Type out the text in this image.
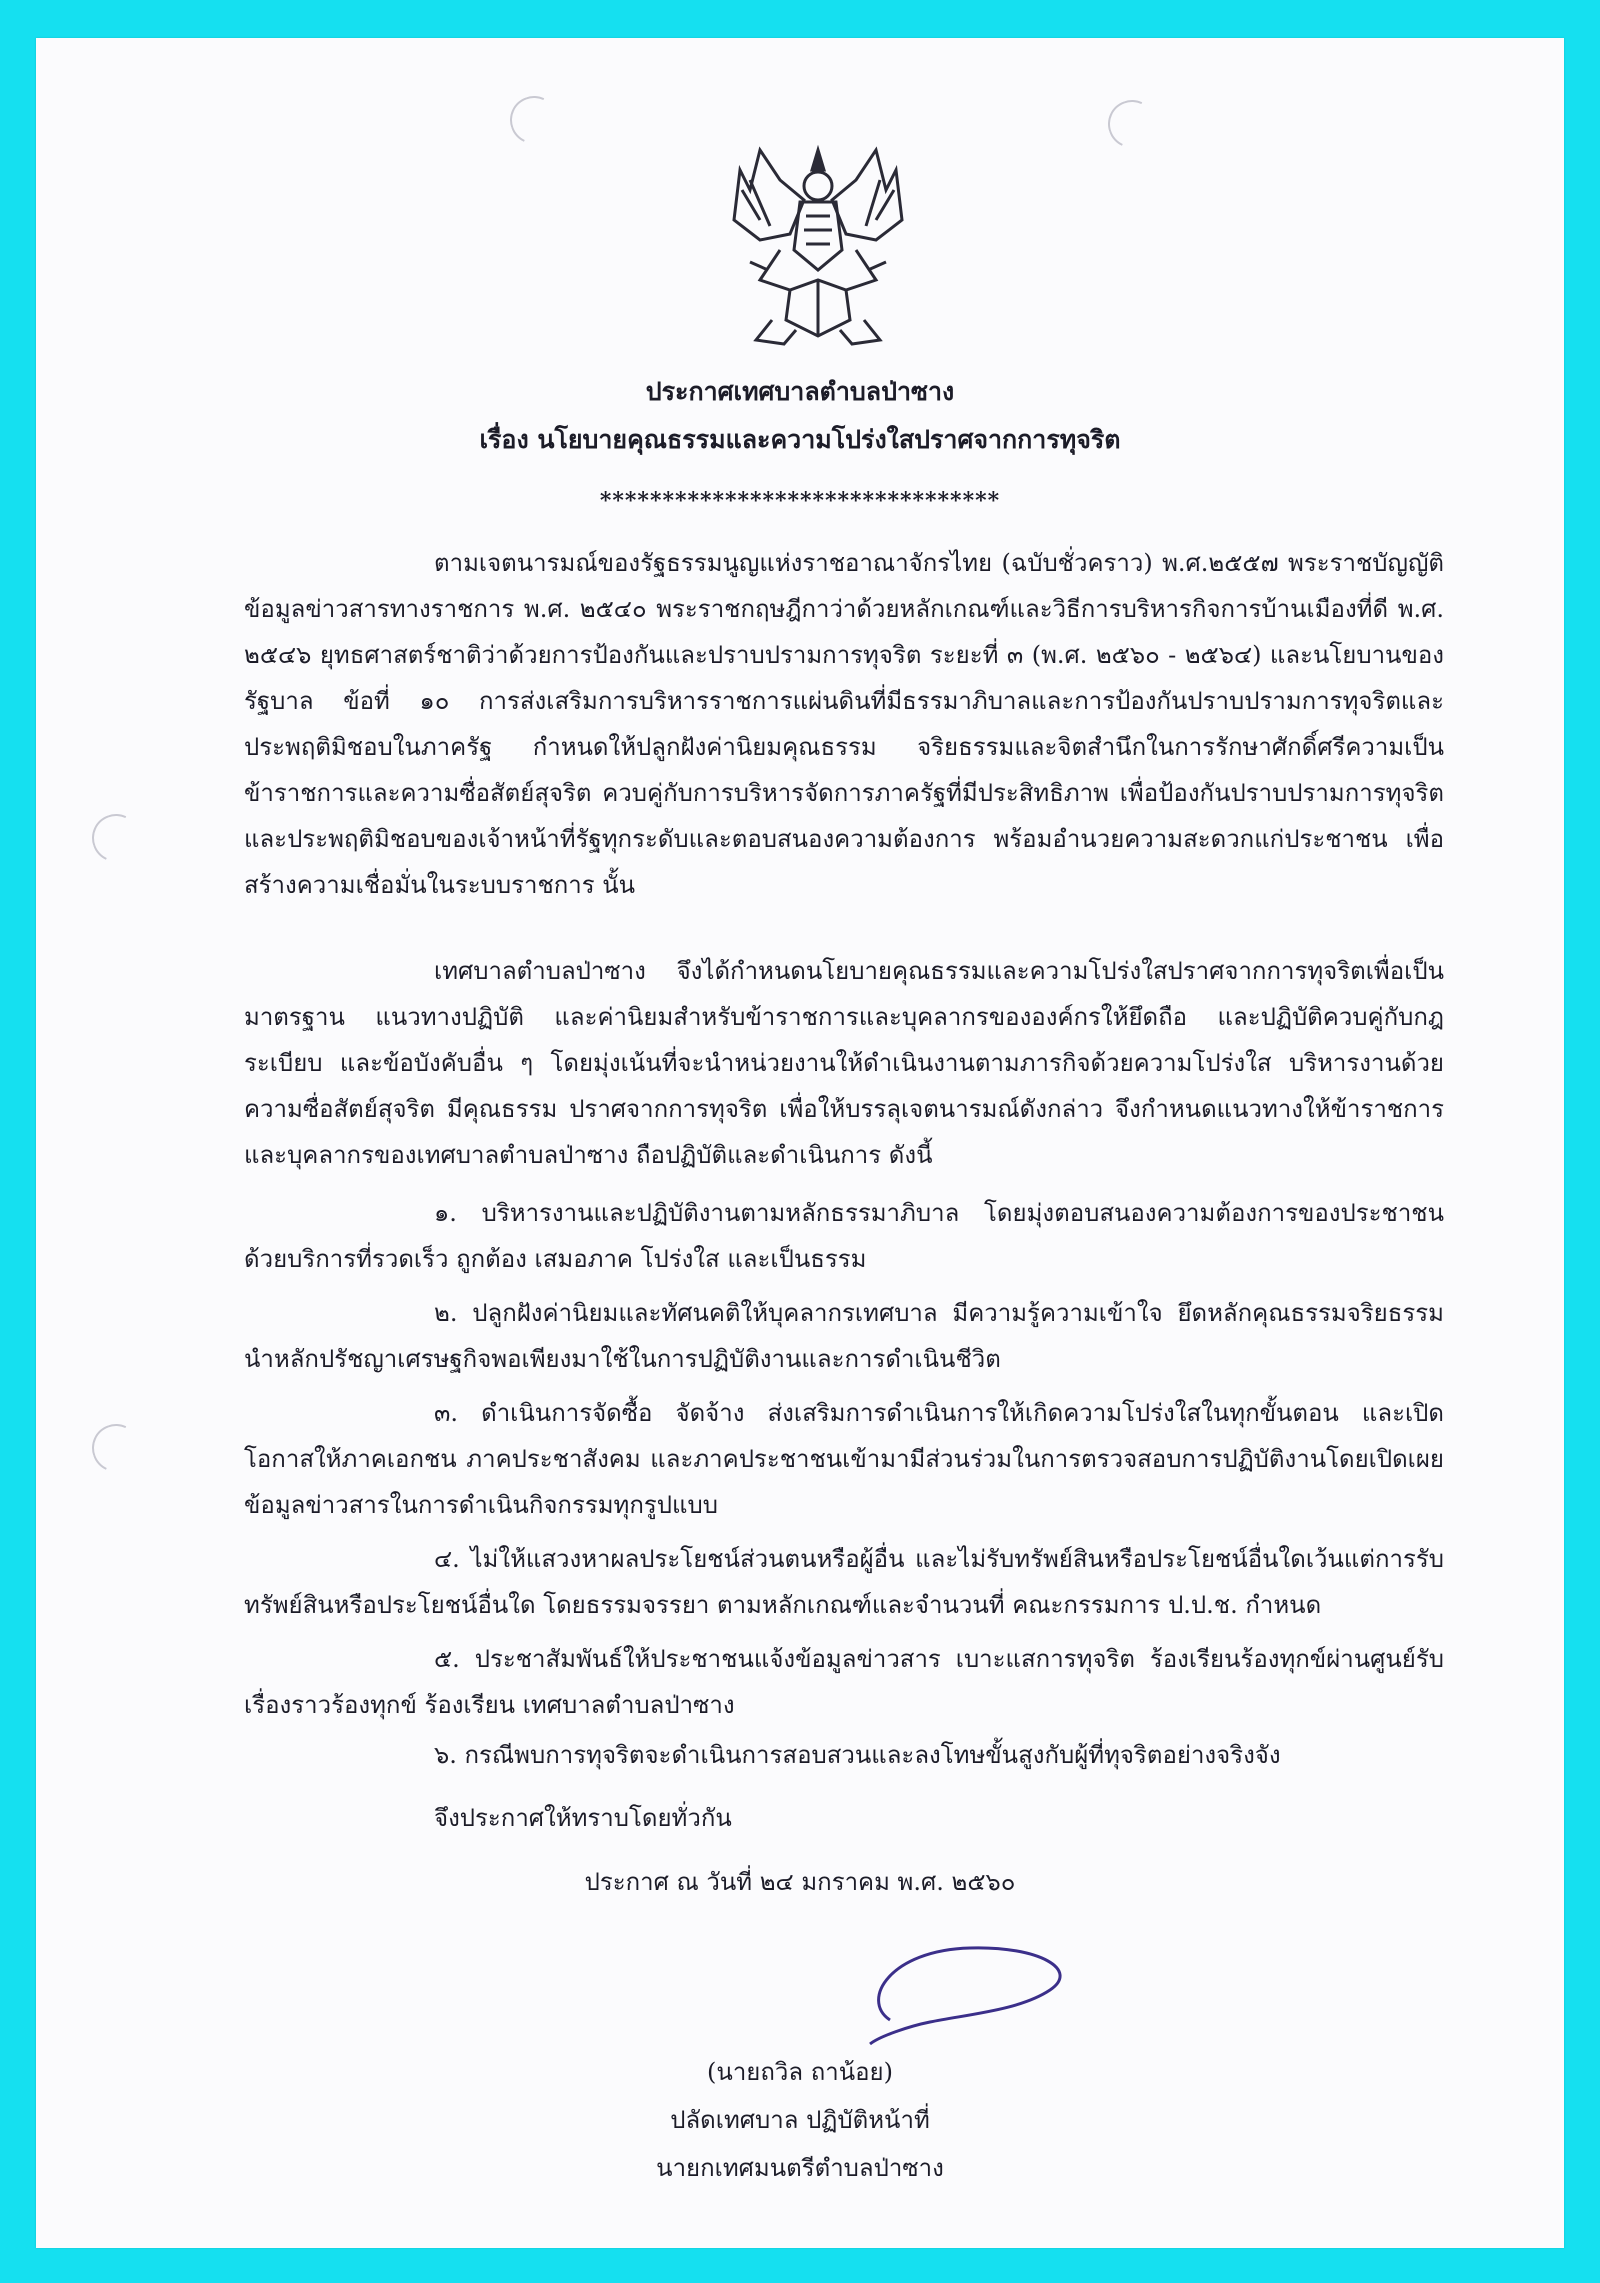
ประกาศเทศบาลตำบลป่าซาง
เรื่อง นโยบายคุณธรรมและความโปร่งใสปราศจากการทุจริต
********************************
ตามเจตนารมณ์ของรัฐธรรมนูญแห่งราชอาณาจักรไทย (ฉบับชั่วคราว) พ.ศ.๒๕๕๗ พระราชบัญญัติข้อมูลข่าวสารทางราชการ พ.ศ. ๒๕๔๐ พระราชกฤษฎีกาว่าด้วยหลักเกณฑ์และวิธีการบริหารกิจการบ้านเมืองที่ดี พ.ศ. ๒๕๔๖ ยุทธศาสตร์ชาติว่าด้วยการป้องกันและปราบปรามการทุจริต ระยะที่ ๓ (พ.ศ. ๒๕๖๐ - ๒๕๖๔) และนโยบานของรัฐบาล ข้อที่ ๑๐ การส่งเสริมการบริหารราชการแผ่นดินที่มีธรรมาภิบาลและการป้องกันปราบปรามการทุจริตและประพฤติมิชอบในภาครัฐ กำหนดให้ปลูกฝังค่านิยมคุณธรรม จริยธรรมและจิตสำนึกในการรักษาศักดิ์ศรีความเป็นข้าราชการและความซื่อสัตย์สุจริต ควบคู่กับการบริหารจัดการภาครัฐที่มีประสิทธิภาพ เพื่อป้องกันปราบปรามการทุจริตและประพฤติมิชอบของเจ้าหน้าที่รัฐทุกระดับและตอบสนองความต้องการ พร้อมอำนวยความสะดวกแก่ประชาชน เพื่อสร้างความเชื่อมั่นในระบบราชการ นั้น
เทศบาลตำบลป่าซาง จึงได้กำหนดนโยบายคุณธรรมและความโปร่งใสปราศจากการทุจริตเพื่อเป็นมาตรฐาน แนวทางปฏิบัติ และค่านิยมสำหรับข้าราชการและบุคลากรขององค์กรให้ยึดถือ และปฏิบัติควบคู่กับกฎ ระเบียบ และข้อบังคับอื่น ๆ โดยมุ่งเน้นที่จะนำหน่วยงานให้ดำเนินงานตามภารกิจด้วยความโปร่งใส บริหารงานด้วยความซื่อสัตย์สุจริต มีคุณธรรม ปราศจากการทุจริต เพื่อให้บรรลุเจตนารมณ์ดังกล่าว จึงกำหนดแนวทางให้ข้าราชการและบุคลากรของเทศบาลตำบลป่าซาง ถือปฏิบัติและดำเนินการ ดังนี้
๑. บริหารงานและปฏิบัติงานตามหลักธรรมาภิบาล โดยมุ่งตอบสนองความต้องการของประชาชนด้วยบริการที่รวดเร็ว ถูกต้อง เสมอภาค โปร่งใส และเป็นธรรม
๒. ปลูกฝังค่านิยมและทัศนคติให้บุคลากรเทศบาล มีความรู้ความเข้าใจ ยึดหลักคุณธรรมจริยธรรม นำหลักปรัชญาเศรษฐกิจพอเพียงมาใช้ในการปฏิบัติงานและการดำเนินชีวิต
๓. ดำเนินการจัดซื้อ จัดจ้าง ส่งเสริมการดำเนินการให้เกิดความโปร่งใสในทุกขั้นตอน และเปิดโอกาสให้ภาคเอกชน ภาคประชาสังคม และภาคประชาชนเข้ามามีส่วนร่วมในการตรวจสอบการปฏิบัติงานโดยเปิดเผยข้อมูลข่าวสารในการดำเนินกิจกรรมทุกรูปแบบ
๔. ไม่ให้แสวงหาผลประโยชน์ส่วนตนหรือผู้อื่น และไม่รับทรัพย์สินหรือประโยชน์อื่นใดเว้นแต่การรับทรัพย์สินหรือประโยชน์อื่นใด โดยธรรมจรรยา ตามหลักเกณฑ์และจำนวนที่ คณะกรรมการ ป.ป.ช. กำหนด
๕. ประชาสัมพันธ์ให้ประชาชนแจ้งข้อมูลข่าวสาร เบาะแสการทุจริต ร้องเรียนร้องทุกข์ผ่านศูนย์รับเรื่องราวร้องทุกข์ ร้องเรียน เทศบาลตำบลป่าซาง
๖. กรณีพบการทุจริตจะดำเนินการสอบสวนและลงโทษขั้นสูงกับผู้ที่ทุจริตอย่างจริงจัง
จึงประกาศให้ทราบโดยทั่วกัน
ประกาศ ณ วันที่ ๒๔ มกราคม พ.ศ. ๒๕๖๐
(นายถวิล ถาน้อย)
ปลัดเทศบาล ปฏิบัติหน้าที่
นายกเทศมนตรีตำบลป่าซาง
